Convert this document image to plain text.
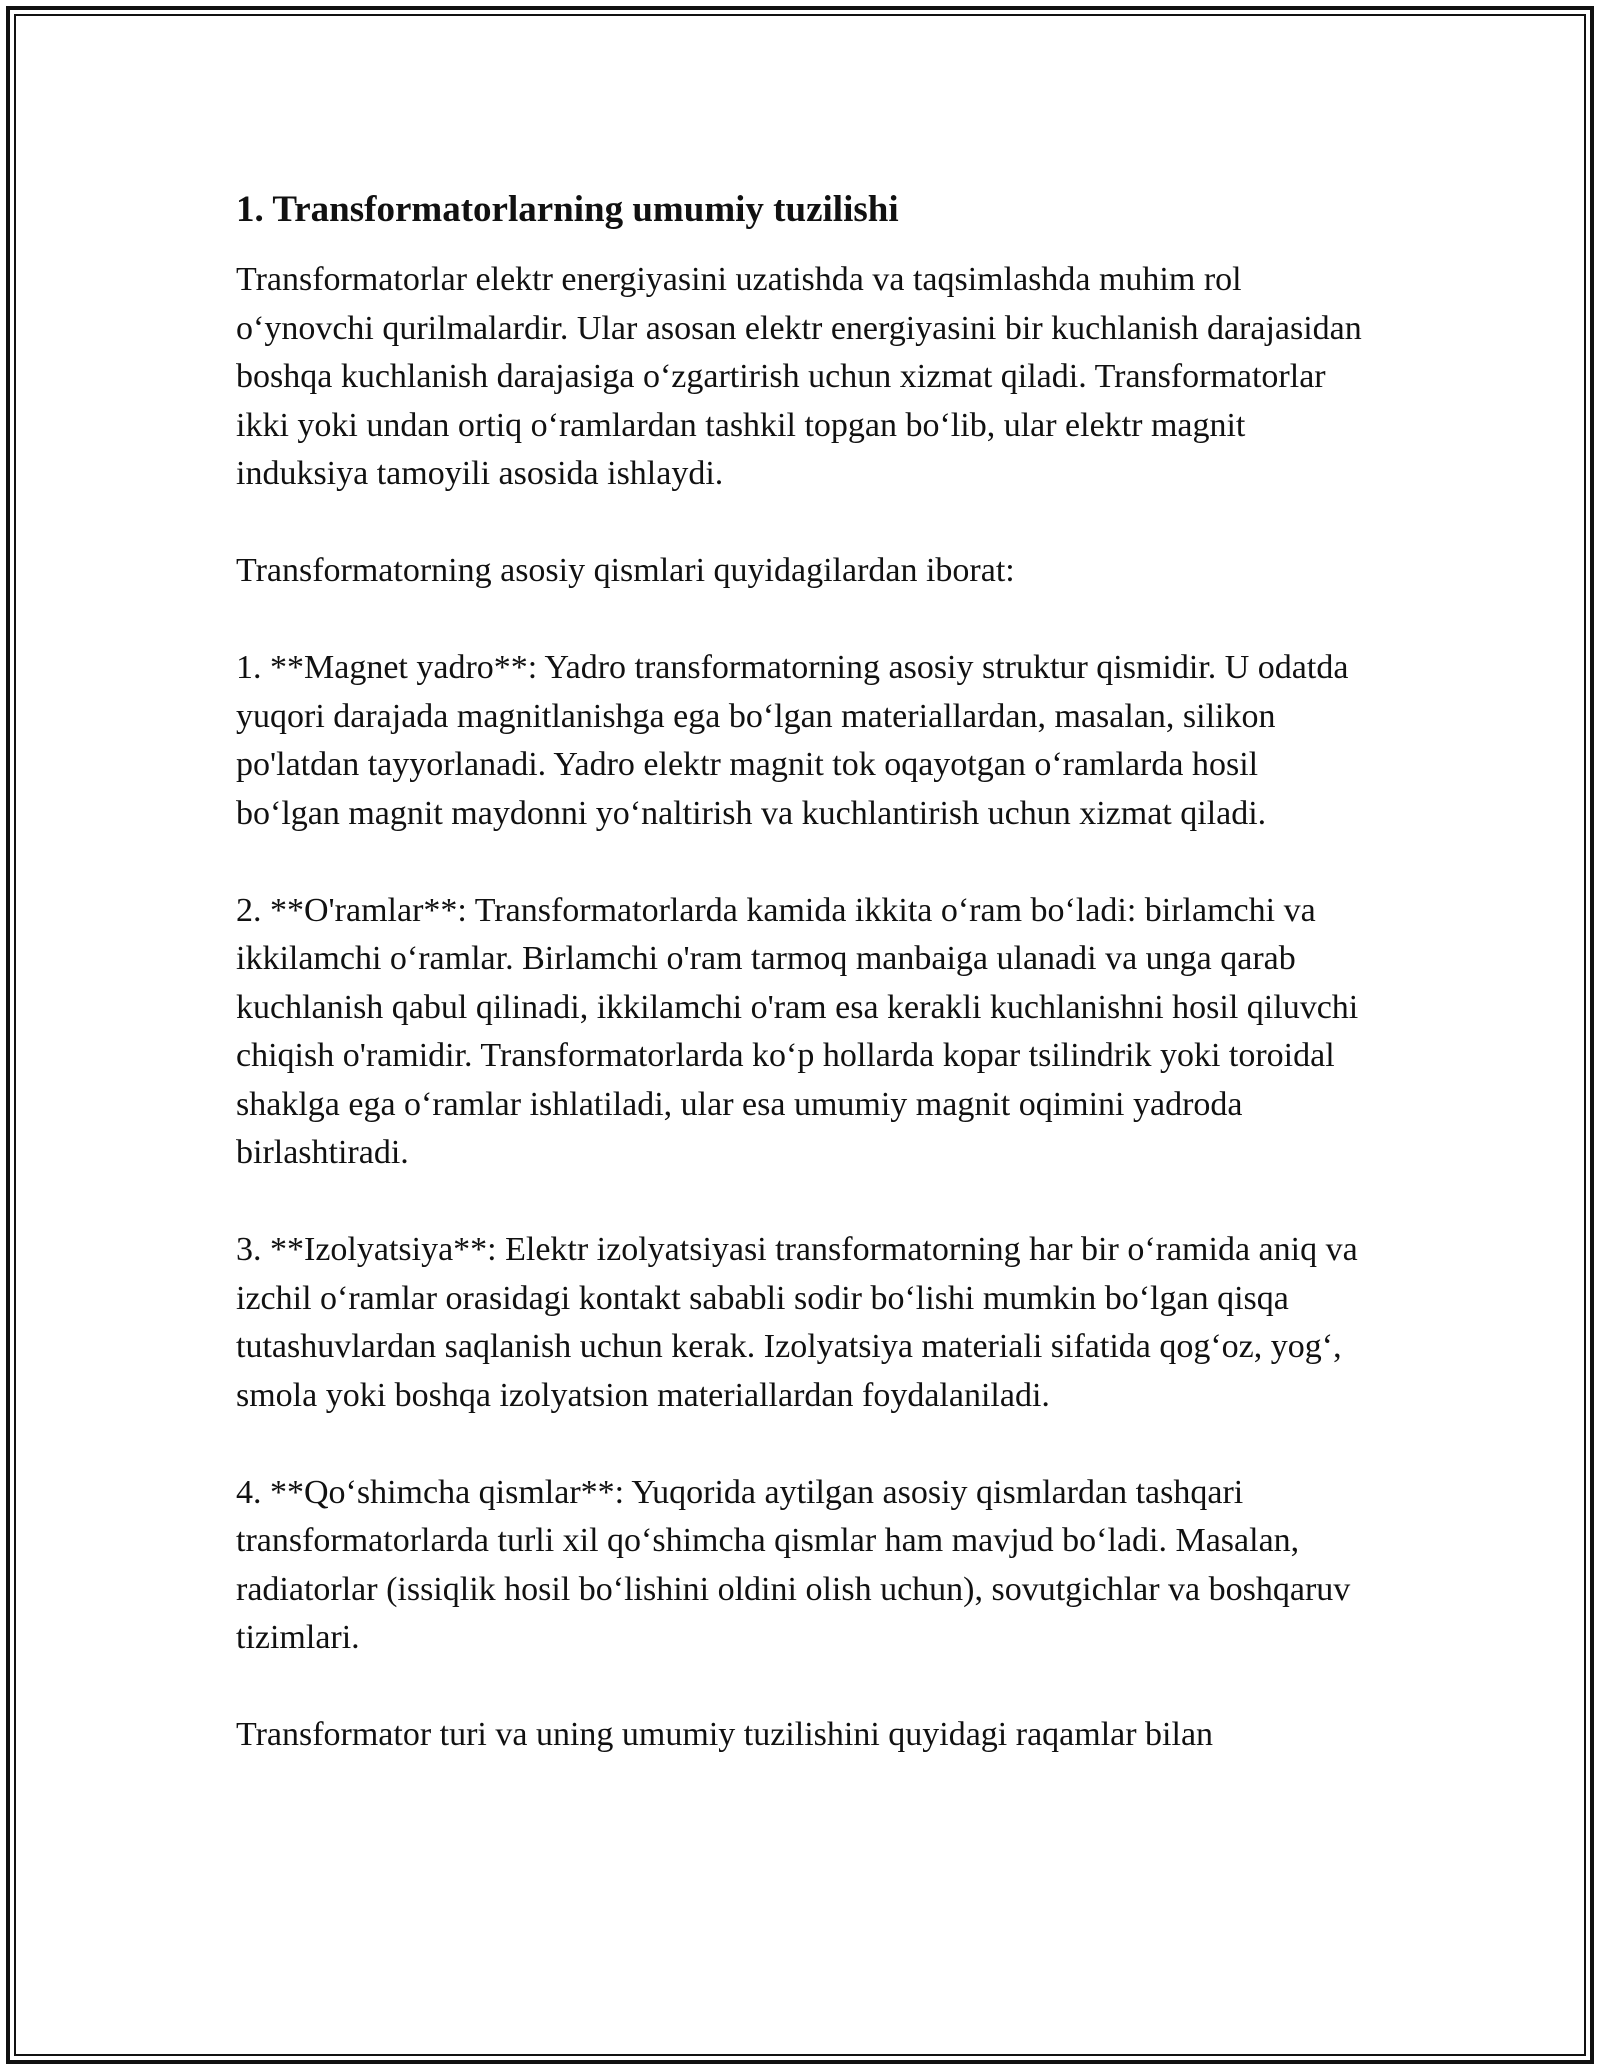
1. Transformatorlarning umumiy tuzilishi

Transformatorlar elektr energiyasini uzatishda va taqsimlashda muhim rol o‘ynovchi qurilmalardir. Ular asosan elektr energiyasini bir kuchlanish darajasidan boshqa kuchlanish darajasiga o‘zgartirish uchun xizmat qiladi. Transformatorlar ikki yoki undan ortiq o‘ramlardan tashkil topgan bo‘lib, ular elektr magnit induksiya tamoyili asosida ishlaydi.

Transformatorning asosiy qismlari quyidagilardan iborat:

1. **Magnet yadro**: Yadro transformatorning asosiy struktur qismidir. U odatda yuqori darajada magnitlanishga ega bo‘lgan materiallardan, masalan, silikon po'latdan tayyorlanadi. Yadro elektr magnit tok oqayotgan o‘ramlarda hosil bo‘lgan magnit maydonni yo‘naltirish va kuchlantirish uchun xizmat qiladi.

2. **O'ramlar**: Transformatorlarda kamida ikkita o‘ram bo‘ladi: birlamchi va ikkilamchi o‘ramlar. Birlamchi o'ram tarmoq manbaiga ulanadi va unga qarab kuchlanish qabul qilinadi, ikkilamchi o'ram esa kerakli kuchlanishni hosil qiluvchi chiqish o'ramidir. Transformatorlarda ko‘p hollarda kopar tsilindrik yoki toroidal shaklga ega o‘ramlar ishlatiladi, ular esa umumiy magnit oqimini yadroda birlashtiradi.

3. **Izolyatsiya**: Elektr izolyatsiyasi transformatorning har bir o‘ramida aniq va izchil o‘ramlar orasidagi kontakt sababli sodir bo‘lishi mumkin bo‘lgan qisqa tutashuvlardan saqlanish uchun kerak. Izolyatsiya materiali sifatida qog‘oz, yog‘, smola yoki boshqa izolyatsion materiallardan foydalaniladi.

4. **Qo‘shimcha qismlar**: Yuqorida aytilgan asosiy qismlardan tashqari transformatorlarda turli xil qo‘shimcha qismlar ham mavjud bo‘ladi. Masalan, radiatorlar (issiqlik hosil bo‘lishini oldini olish uchun), sovutgichlar va boshqaruv tizimlari.

Transformator turi va uning umumiy tuzilishini quyidagi raqamlar bilan
